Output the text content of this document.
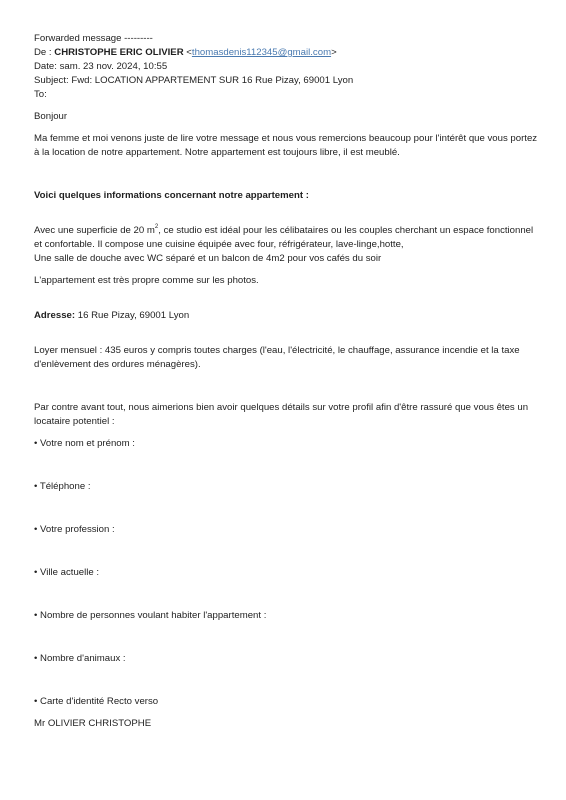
Forwarded message ---------

De : CHRISTOPHE ERIC OLIVIER <thomasdenis112345@gmail.com>

Date: sam. 23 nov. 2024, 10:55

Subject: Fwd: LOCATION APPARTEMENT SUR 16 Rue Pizay, 69001 Lyon

To:

Bonjour

Ma femme et moi venons juste de lire votre message et nous vous remercions beaucoup pour l'intérêt que vous portez à la location de notre appartement. Notre appartement est toujours libre, il est meublé.

Voici quelques informations concernant notre appartement :

Avec une superficie de 20 $m^2$, ce studio est idéal pour les célibataires ou les couples cherchant un espace fonctionnel et confortable. Il compose une cuisine équipée avec four, réfrigérateur, lave-linge,hotte,

Une salle de douche avec WC séparé et un balcon de 4m2 pour vos cafés du soir

L'appartement est très propre comme sur les photos.

Adresse: 16 Rue Pizay, 69001 Lyon

Loyer mensuel : 435 euros y compris toutes charges (l'eau, l'électricité, le chauffage, assurance incendie et la taxe d'enlèvement des ordures ménagères).

Par contre avant tout, nous aimerions bien avoir quelques détails sur votre profil afin d'être rassuré que vous êtes un locataire potentiel :

• Votre nom et prénom :

• Téléphone :

• Votre profession :

• Ville actuelle :

• Nombre de personnes voulant habiter l'appartement :

• Nombre d'animaux :

• Carte d'identité Recto verso

Mr OLIVIER CHRISTOPHE
